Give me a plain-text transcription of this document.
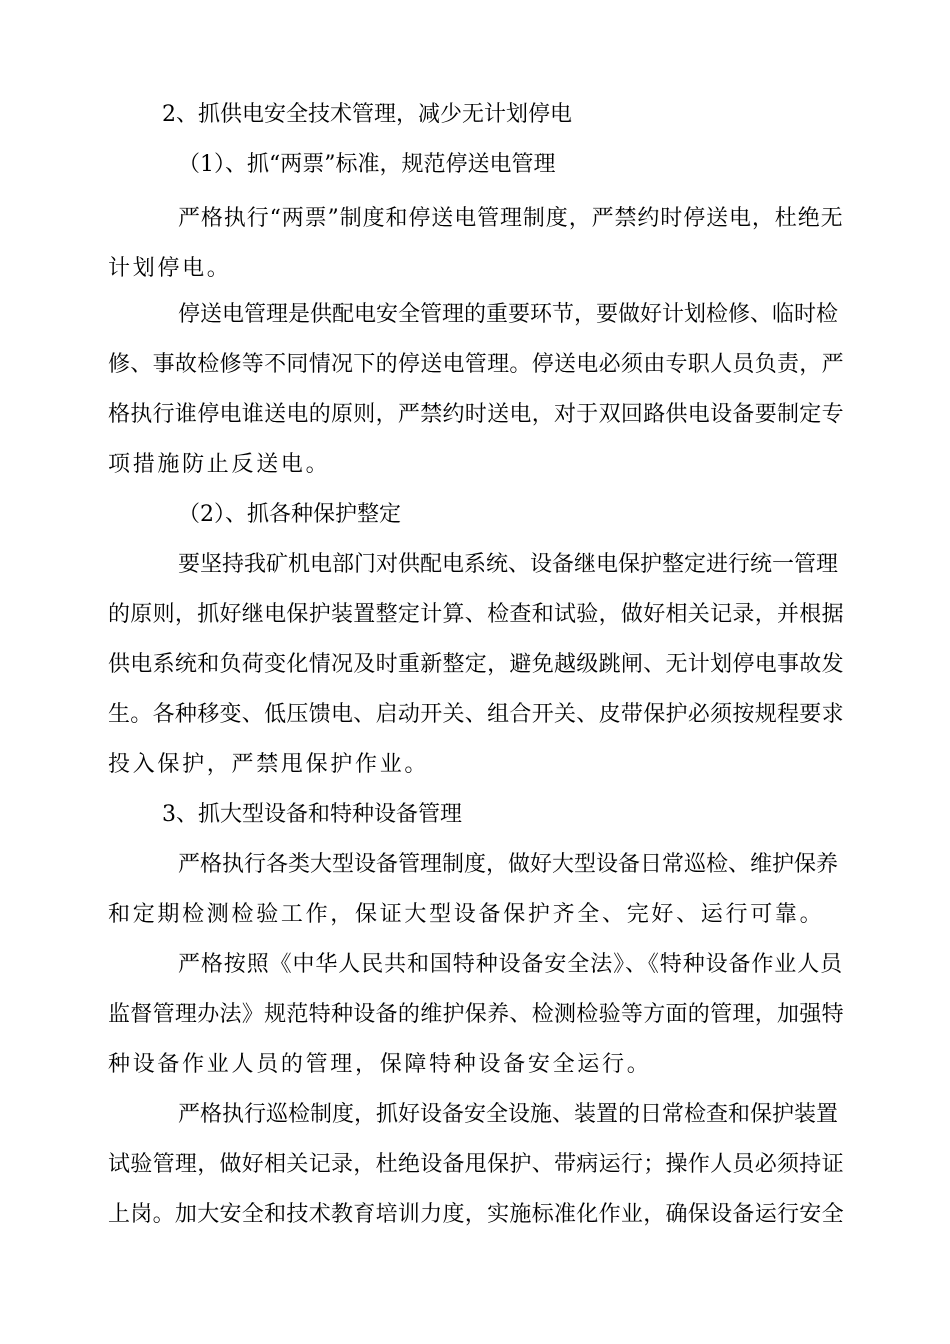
2、抓供电安全技术管理，减少无计划停电
（1）、抓“两票”标准，规范停送电管理
严格执行“两票”制度和停送电管理制度，严禁约时停送电，杜绝无
计划停电。
停送电管理是供配电安全管理的重要环节，要做好计划检修、临时检
修、事故检修等不同情况下的停送电管理。停送电必须由专职人员负责，严
格执行谁停电谁送电的原则，严禁约时送电，对于双回路供电设备要制定专
项措施防止反送电。
（2）、抓各种保护整定
要坚持我矿机电部门对供配电系统、设备继电保护整定进行统一管理
的原则，抓好继电保护装置整定计算、检查和试验，做好相关记录，并根据
供电系统和负荷变化情况及时重新整定，避免越级跳闸、无计划停电事故发
生。各种移变、低压馈电、启动开关、组合开关、皮带保护必须按规程要求
投入保护，严禁甩保护作业。
3、抓大型设备和特种设备管理
严格执行各类大型设备管理制度，做好大型设备日常巡检、维护保养
和定期检测检验工作，保证大型设备保护齐全、完好、运行可靠。
严格按照《中华人民共和国特种设备安全法》、《特种设备作业人员
监督管理办法》规范特种设备的维护保养、检测检验等方面的管理，加强特
种设备作业人员的管理，保障特种设备安全运行。
严格执行巡检制度，抓好设备安全设施、装置的日常检查和保护装置
试验管理，做好相关记录，杜绝设备甩保护、带病运行；操作人员必须持证
上岗。加大安全和技术教育培训力度，实施标准化作业，确保设备运行安全
